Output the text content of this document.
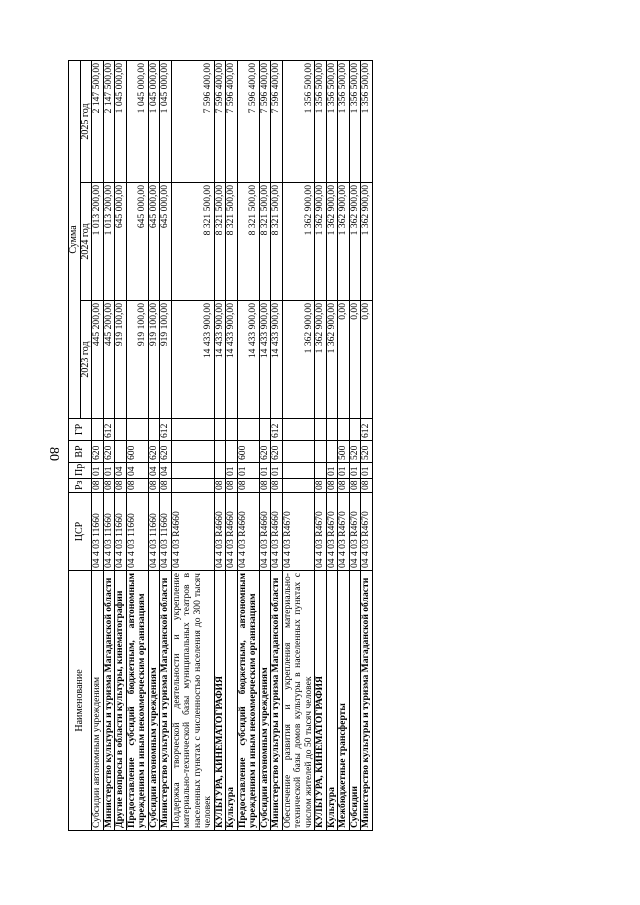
80
Наименование	ЦСР	Рз	Пр	ВР	ГР	Сумма		
						2023 год	2024 год	2025 год
Субсидии автономным учреждениям	04 4 03 11660	08	01	620		445 200,00	1 013 200,00	2 147 500,00
Министерство культуры и туризма Магаданской области	04 4 03 11660	08	01	620	612	445 200,00	1 013 200,00	2 147 500,00
Другие вопросы в области культуры, кинематографии	04 4 03 11660	08	04			919 100,00	645 000,00	1 045 000,00
Предоставление субсидий бюджетным, автономным учреждениям и иным некоммерческим организациям	04 4 03 11660	08	04	600		919 100,00	645 000,00	1 045 000,00
Субсидии автономным учреждениям	04 4 03 11660	08	04	620		919 100,00	645 000,00	1 045 000,00
Министерство культуры и туризма Магаданской области	04 4 03 11660	08	04	620	612	919 100,00	645 000,00	1 045 000,00
Поддержка творческой деятельности и укрепление материально-технической базы муниципальных театров в населенных пунктах с численностью населения до 300 тысяч человек	04 4 03 R4660					14 433 900,00	8 321 500,00	7 596 400,00
КУЛЬТУРА, КИНЕМАТОГРАФИЯ	04 4 03 R4660	08				14 433 900,00	8 321 500,00	7 596 400,00
Культура	04 4 03 R4660	08	01			14 433 900,00	8 321 500,00	7 596 400,00
Предоставление субсидий бюджетным, автономным учреждениям и иным некоммерческим организациям	04 4 03 R4660	08	01	600		14 433 900,00	8 321 500,00	7 596 400,00
Субсидии автономным учреждениям	04 4 03 R4660	08	01	620		14 433 900,00	8 321 500,00	7 596 400,00
Министерство культуры и туризма Магаданской области	04 4 03 R4660	08	01	620	612	14 433 900,00	8 321 500,00	7 596 400,00
Обеспечение развития и укрепления материально-технической базы домов культуры в населенных пунктах с числом жителей до 50 тысяч человек	04 4 03 R4670					1 362 900,00	1 362 900,00	1 356 500,00
КУЛЬТУРА, КИНЕМАТОГРАФИЯ	04 4 03 R4670	08				1 362 900,00	1 362 900,00	1 356 500,00
Культура	04 4 03 R4670	08	01			1 362 900,00	1 362 900,00	1 356 500,00
Межбюджетные трансферты	04 4 03 R4670	08	01	500		0,00	1 362 900,00	1 356 500,00
Субсидии	04 4 03 R4670	08	01	520		0,00	1 362 900,00	1 356 500,00
Министерство культуры и туризма Магаданской области	04 4 03 R4670	08	01	520	612	0,00	1 362 900,00	1 356 500,00
